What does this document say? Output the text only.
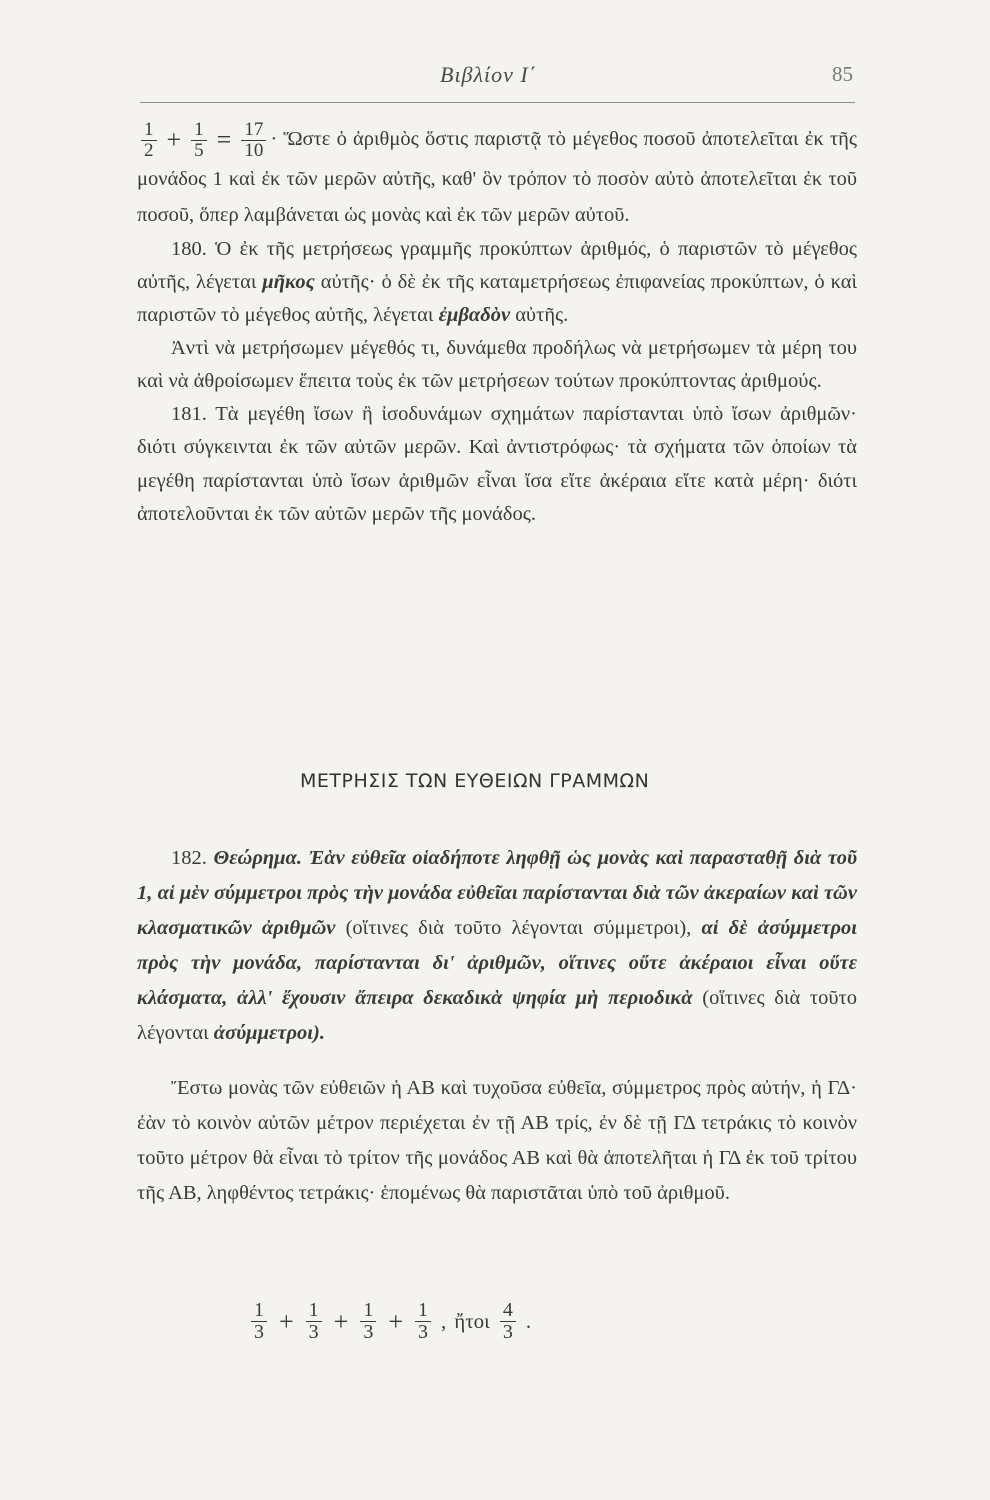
Βιβλίον Ι΄	85

$\frac{1}{2} + \frac{1}{5} = \frac{17}{10}$ · Ὥστε ὁ ἀριθμὸς ὅστις παριστᾷ τὸ μέγεθος ποσοῦ ἀποτελεῖται ἐκ τῆς μονάδος 1 καὶ ἐκ τῶν μερῶν αὐτῆς, καθ' ὃν τρόπον τὸ ποσὸν αὐτὸ ἀποτελεῖται ἐκ τοῦ ποσοῦ, ὅπερ λαμβάνεται ὡς μονὰς καὶ ἐκ τῶν μερῶν αὐτοῦ.

180. Ὁ ἐκ τῆς μετρήσεως γραμμῆς προκύπτων ἀριθμός, ὁ παριστῶν τὸ μέγεθος αὐτῆς, λέγεται μῆκος αὐτῆς· ὁ δὲ ἐκ τῆς καταμετρήσεως ἐπιφανείας προκύπτων, ὁ καὶ παριστῶν τὸ μέγεθος αὐτῆς, λέγεται ἐμβαδὸν αὐτῆς.

Ἀντὶ νὰ μετρήσωμεν μέγεθός τι, δυνάμεθα προδήλως νὰ μετρήσωμεν τὰ μέρη του καὶ νὰ ἀθροίσωμεν ἔπειτα τοὺς ἐκ τῶν μετρήσεων τούτων προκύπτοντας ἀριθμούς.

181. Τὰ μεγέθη ἴσων ἢ ἰσοδυνάμων σχημάτων παρίστανται ὑπὸ ἴσων ἀριθμῶν· διότι σύγκεινται ἐκ τῶν αὐτῶν μερῶν. Καὶ ἀντιστρόφως· τὰ σχήματα τῶν ὁποίων τὰ μεγέθη παρίστανται ὑπὸ ἴσων ἀριθμῶν εἶναι ἴσα εἴτε ἀκέραια εἴτε κατὰ μέρη· διότι ἀποτελοῦνται ἐκ τῶν αὐτῶν μερῶν τῆς μονάδος.

ΜΕΤΡΗΣΙΣ ΤΩΝ ΕΥΘΕΙΩΝ ΓΡΑΜΜΩΝ

182. Θεώρημα. Ἐὰν εὐθεῖα οἱαδήποτε ληφθῇ ὡς μονὰς καὶ παρασταθῇ διὰ τοῦ 1, αἱ μὲν σύμμετροι πρὸς τὴν μονάδα εὐθεῖαι παρίστανται διὰ τῶν ἀκεραίων καὶ τῶν κλασματικῶν ἀριθμῶν (οἵτινες διὰ τοῦτο λέγονται σύμμετροι), αἱ δὲ ἀσύμμετροι πρὸς τὴν μονάδα, παρίστανται δι' ἀριθμῶν, οἵτινες οὔτε ἀκέραιοι εἶναι οὔτε κλάσματα, ἀλλ' ἔχουσιν ἄπειρα δεκαδικὰ ψηφία μὴ περιοδικὰ (οἵτινες διὰ τοῦτο λέγονται ἀσύμμετροι).

Ἔστω μονὰς τῶν εὐθειῶν ἡ ΑΒ καὶ τυχοῦσα εὐθεῖα, σύμμετρος πρὸς αὐτήν, ἡ ΓΔ· ἐὰν τὸ κοινὸν αὐτῶν μέτρον περιέχεται ἐν τῇ ΑΒ τρίς, ἐν δὲ τῇ ΓΔ τετράκις τὸ κοινὸν τοῦτο μέτρον θὰ εἶναι τὸ τρίτον τῆς μονάδος ΑΒ καὶ θὰ ἀποτελῆται ἡ ΓΔ ἐκ τοῦ τρίτου τῆς ΑΒ, ληφθέντος τετράκις· ἑπομένως θὰ παριστᾶται ὑπὸ τοῦ ἀριθμοῦ.

$\frac{1}{3} + \frac{1}{3} + \frac{1}{3} + \frac{1}{3}$ , ἤτοι $\frac{4}{3}$ .
